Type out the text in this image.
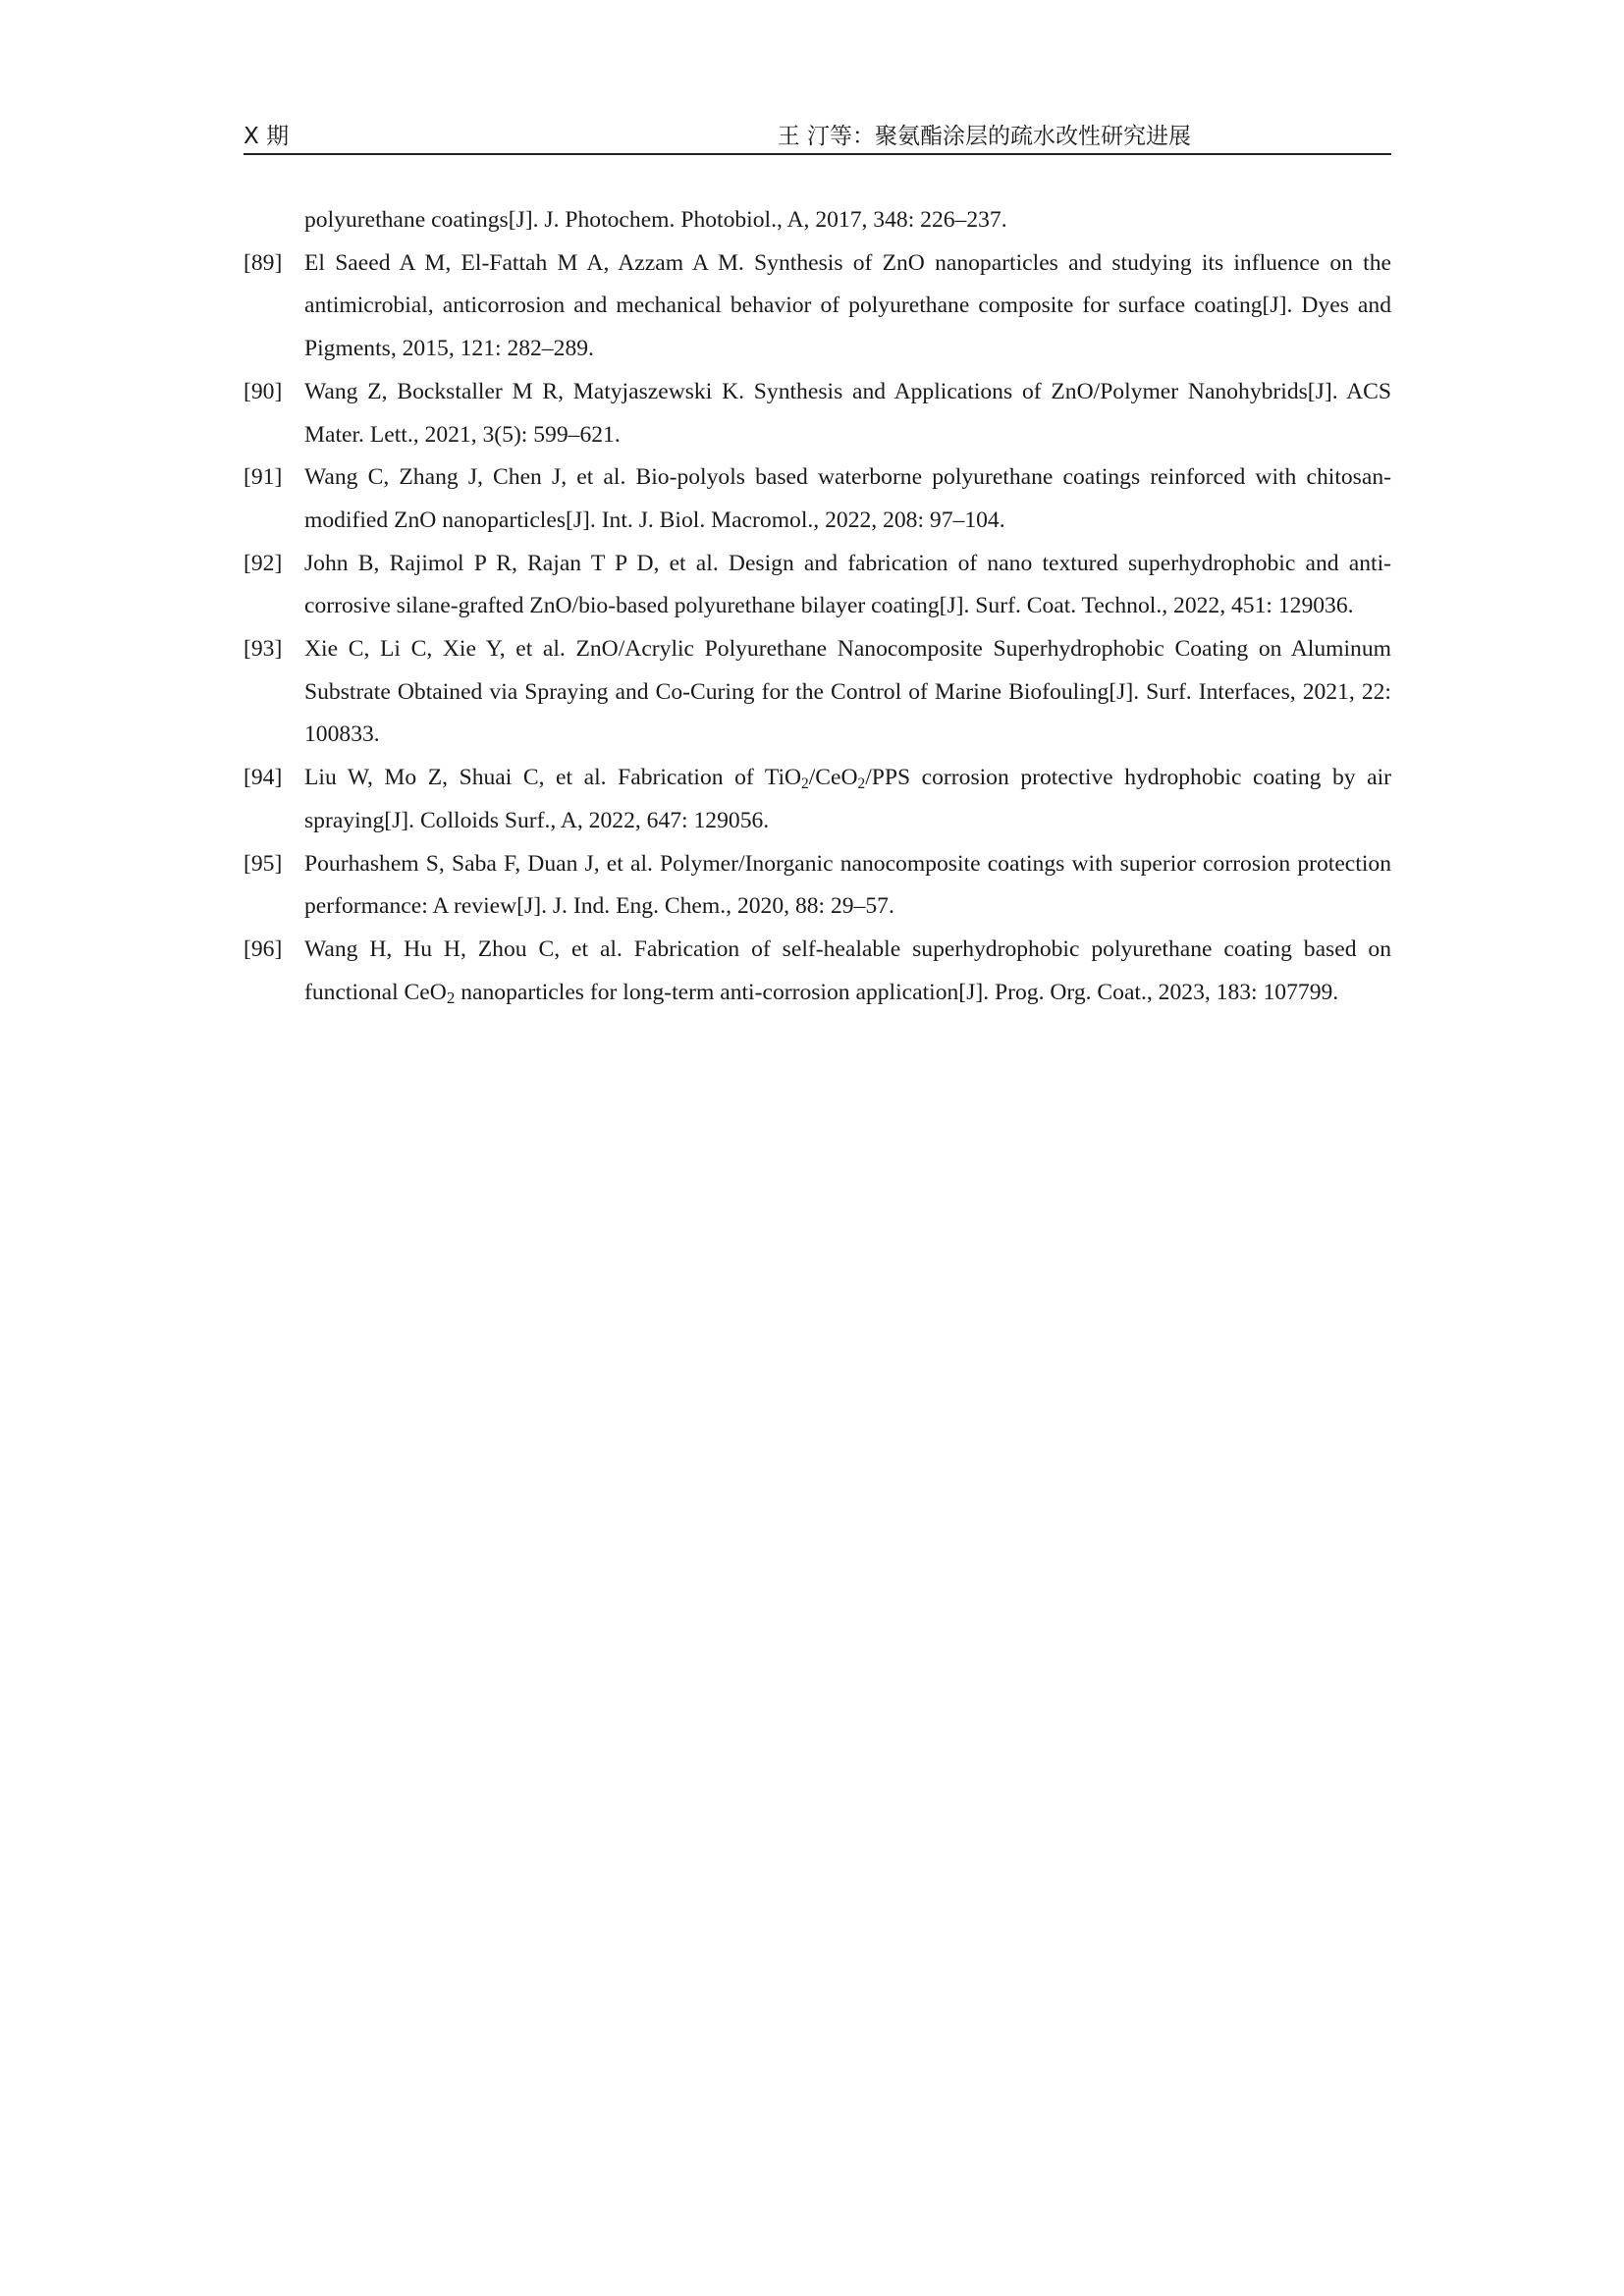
X 期	王 汀等：聚氨酯涂层的疏水改性研究进展

polyurethane coatings[J]. J. Photochem. Photobiol., A, 2017, 348: 226–237.

[89] El Saeed A M, El-Fattah M A, Azzam A M. Synthesis of ZnO nanoparticles and studying its influence on the antimicrobial, anticorrosion and mechanical behavior of polyurethane composite for surface coating[J]. Dyes and Pigments, 2015, 121: 282–289.
[90] Wang Z, Bockstaller M R, Matyjaszewski K. Synthesis and Applications of ZnO/Polymer Nanohybrids[J]. ACS Mater. Lett., 2021, 3(5): 599–621.
[91] Wang C, Zhang J, Chen J, et al. Bio-polyols based waterborne polyurethane coatings reinforced with chitosan-modified ZnO nanoparticles[J]. Int. J. Biol. Macromol., 2022, 208: 97–104.
[92] John B, Rajimol P R, Rajan T P D, et al. Design and fabrication of nano textured superhydrophobic and anti-corrosive silane-grafted ZnO/bio-based polyurethane bilayer coating[J]. Surf. Coat. Technol., 2022, 451: 129036.
[93] Xie C, Li C, Xie Y, et al. ZnO/Acrylic Polyurethane Nanocomposite Superhydrophobic Coating on Aluminum Substrate Obtained via Spraying and Co-Curing for the Control of Marine Biofouling[J]. Surf. Interfaces, 2021, 22: 100833.
[94] Liu W, Mo Z, Shuai C, et al. Fabrication of TiO$_2$/CeO$_2$/PPS corrosion protective hydrophobic coating by air spraying[J]. Colloids Surf., A, 2022, 647: 129056.
[95] Pourhashem S, Saba F, Duan J, et al. Polymer/Inorganic nanocomposite coatings with superior corrosion protection performance: A review[J]. J. Ind. Eng. Chem., 2020, 88: 29–57.
[96] Wang H, Hu H, Zhou C, et al. Fabrication of self-healable superhydrophobic polyurethane coating based on functional CeO$_2$ nanoparticles for long-term anti-corrosion application[J]. Prog. Org. Coat., 2023, 183: 107799.
